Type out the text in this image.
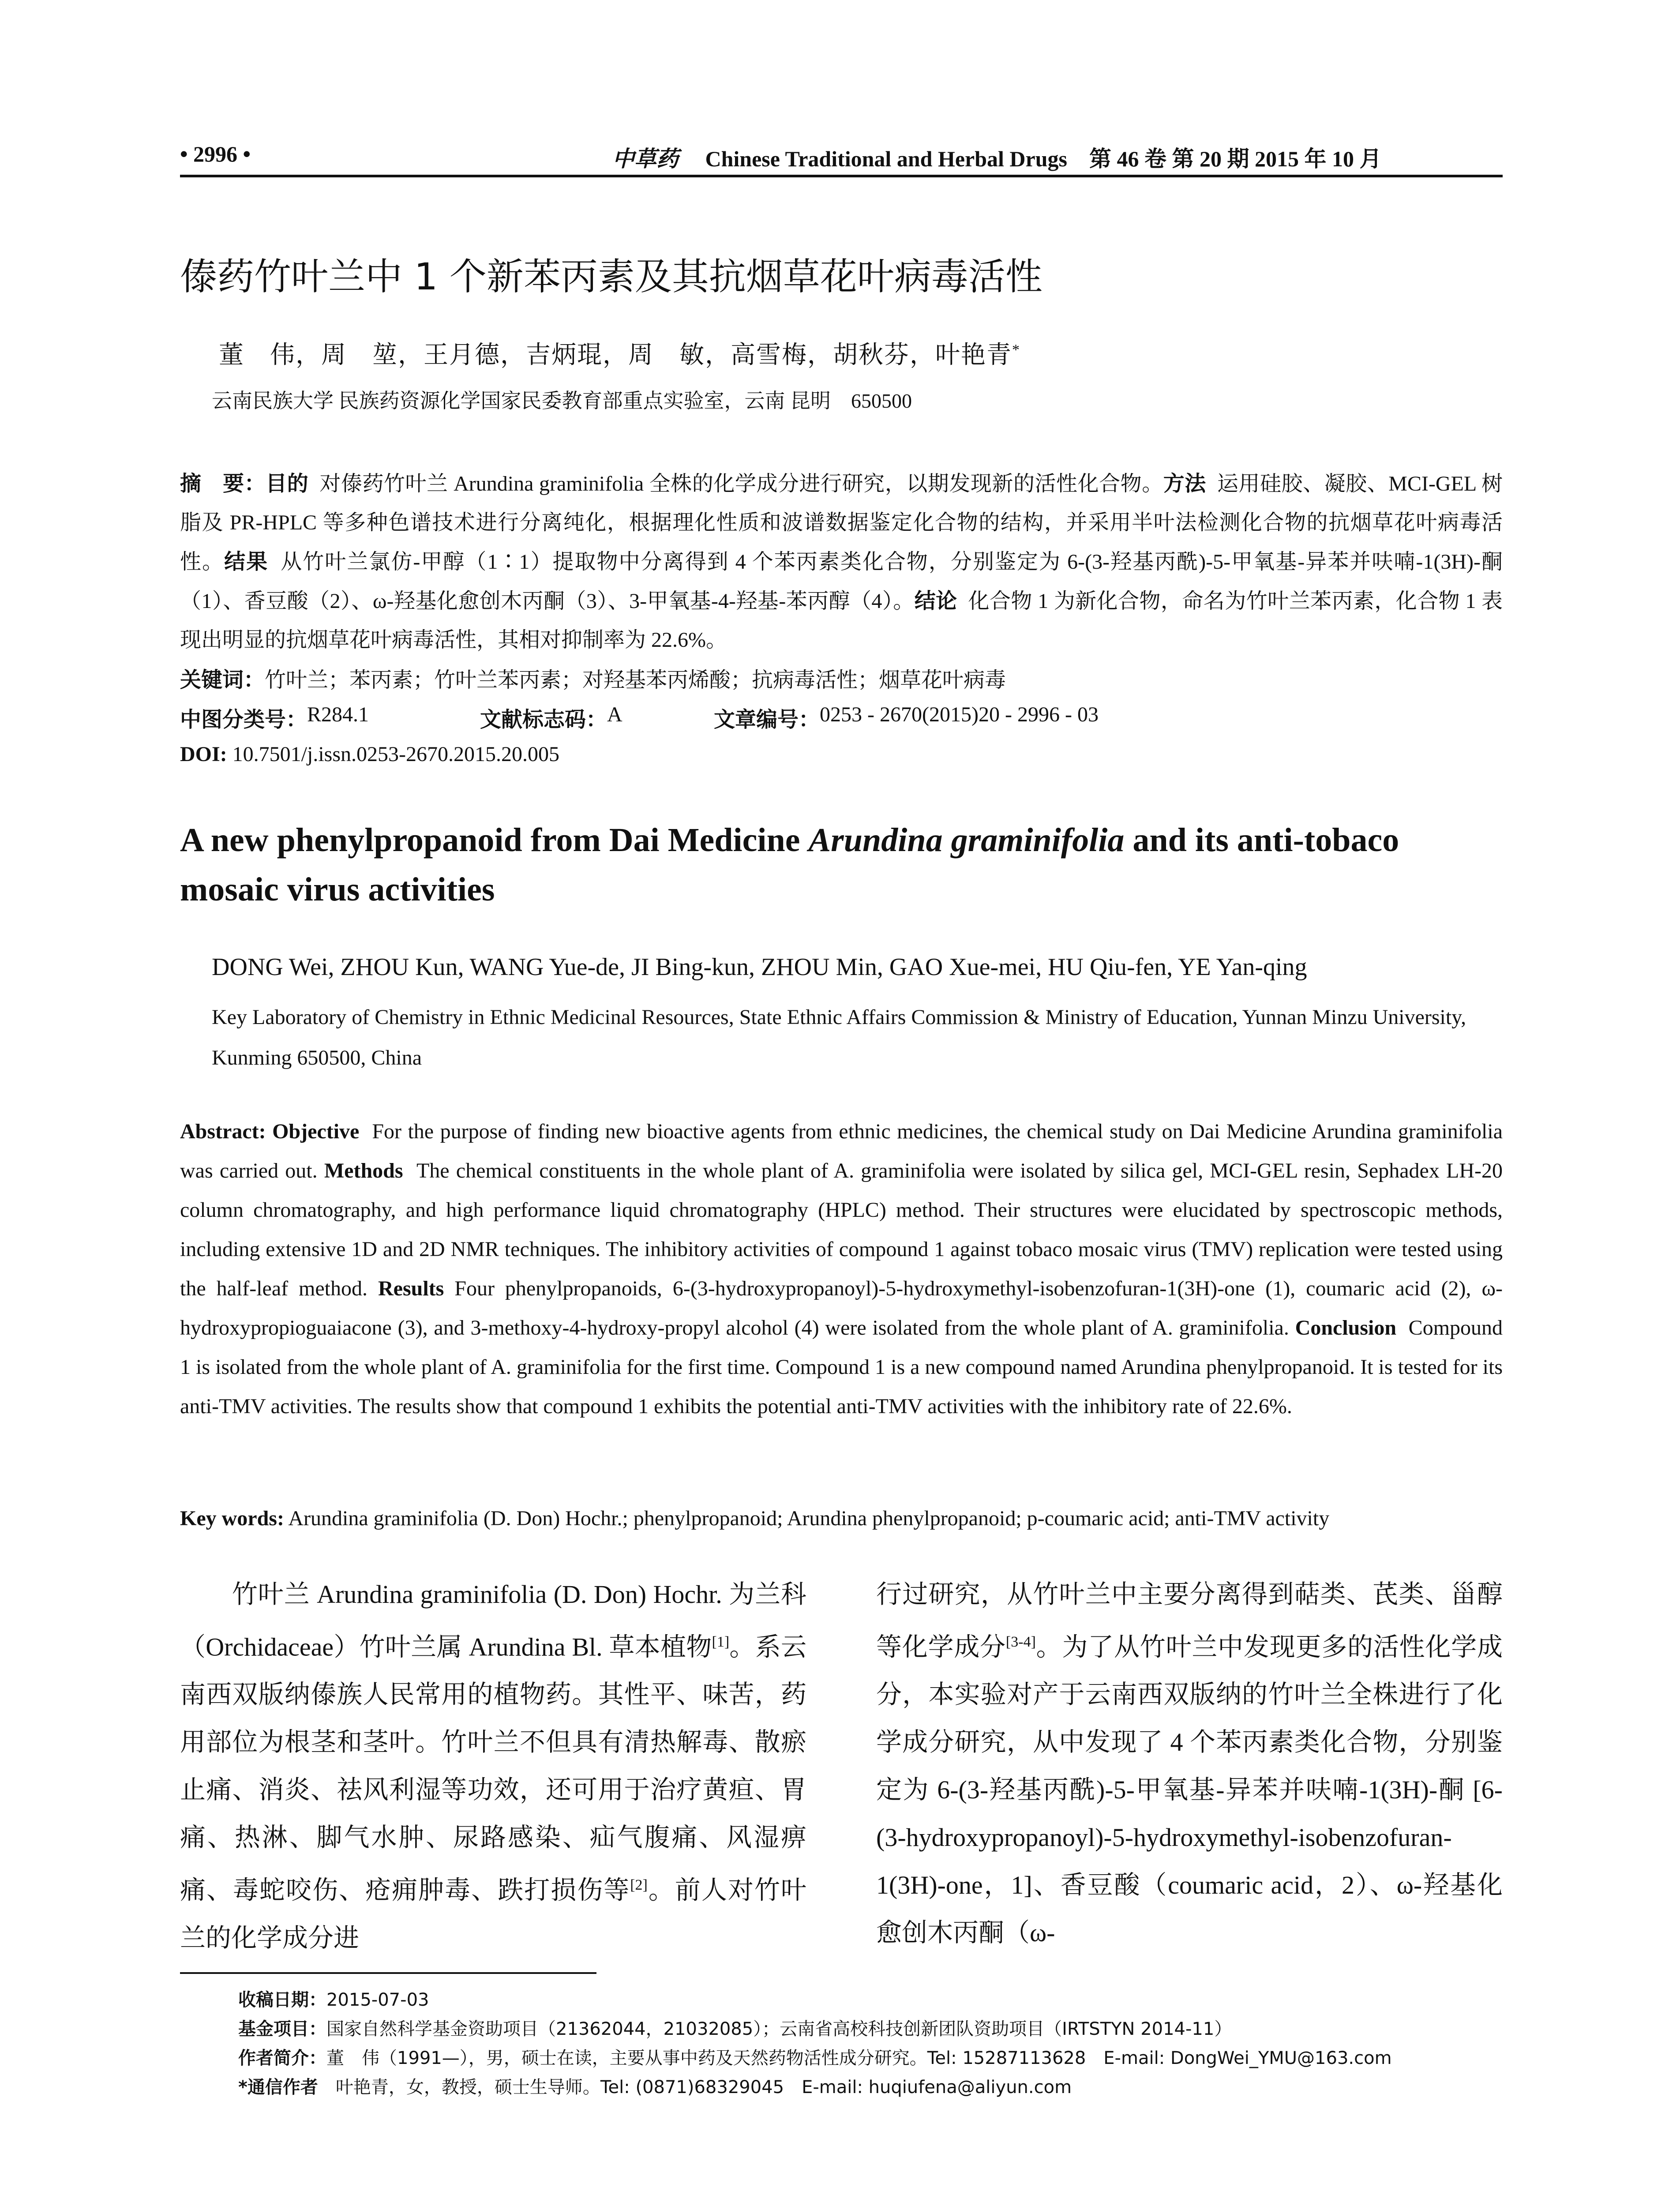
• 2996 •	中草药 Chinese Traditional and Herbal Drugs 第 46 卷 第 20 期 2015 年 10 月
傣药竹叶兰中 1 个新苯丙素及其抗烟草花叶病毒活性
董　伟，周　堃，王月德，吉炳琨，周　敏，高雪梅，胡秋芬，叶艳青*
云南民族大学 民族药资源化学国家民委教育部重点实验室，云南 昆明　650500
摘　要：目的 对傣药竹叶兰 Arundina graminifolia 全株的化学成分进行研究，以期发现新的活性化合物。方法 运用硅胶、凝胶、MCI-GEL 树脂及 PR-HPLC 等多种色谱技术进行分离纯化，根据理化性质和波谱数据鉴定化合物的结构，并采用半叶法检测化合物的抗烟草花叶病毒活性。结果 从竹叶兰氯仿-甲醇（1∶1）提取物中分离得到 4 个苯丙素类化合物，分别鉴定为 6-(3-羟基丙酰)-5-甲氧基-异苯并呋喃-1(3H)-酮（1）、香豆酸（2）、ω-羟基化愈创木丙酮（3）、3-甲氧基-4-羟基-苯丙醇（4）。结论 化合物 1 为新化合物，命名为竹叶兰苯丙素，化合物 1 表现出明显的抗烟草花叶病毒活性，其相对抑制率为 22.6%。
关键词：竹叶兰；苯丙素；竹叶兰苯丙素；对羟基苯丙烯酸；抗病毒活性；烟草花叶病毒
中图分类号： R284.1	文献标志码： A	文章编号： 0253 - 2670(2015)20 - 2996 - 03
DOI: 10.7501/j.issn.0253-2670.2015.20.005
A new phenylpropanoid from Dai Medicine Arundina graminifolia and its anti-tobaco mosaic virus activities
DONG Wei, ZHOU Kun, WANG Yue-de, JI Bing-kun, ZHOU Min, GAO Xue-mei, HU Qiu-fen, YE Yan-qing
Key Laboratory of Chemistry in Ethnic Medicinal Resources, State Ethnic Affairs Commission & Ministry of Education, Yunnan Minzu University, Kunming 650500, China
Abstract: Objective For the purpose of finding new bioactive agents from ethnic medicines, the chemical study on Dai Medicine Arundina graminifolia was carried out. Methods The chemical constituents in the whole plant of A. graminifolia were isolated by silica gel, MCI-GEL resin, Sephadex LH-20 column chromatography, and high performance liquid chromatography (HPLC) method. Their structures were elucidated by spectroscopic methods, including extensive 1D and 2D NMR techniques. The inhibitory activities of compound 1 against tobaco mosaic virus (TMV) replication were tested using the half-leaf method. Results Four phenylpropanoids, 6-(3-hydroxypropanoyl)-5-hydroxymethyl-isobenzofuran-1(3H)-one (1), coumaric acid (2), ω-hydroxypropioguaiacone (3), and 3-methoxy-4-hydroxy-propyl alcohol (4) were isolated from the whole plant of A. graminifolia. Conclusion Compound 1 is isolated from the whole plant of A. graminifolia for the first time. Compound 1 is a new compound named Arundina phenylpropanoid. It is tested for its anti-TMV activities. The results show that compound 1 exhibits the potential anti-TMV activities with the inhibitory rate of 22.6%.
Key words: Arundina graminifolia (D. Don) Hochr.; phenylpropanoid; Arundina phenylpropanoid; p-coumaric acid; anti-TMV activity
　　竹叶兰 Arundina graminifolia (D. Don) Hochr. 为兰科（Orchidaceae）竹叶兰属 Arundina Bl. 草本植物[1]。系云南西双版纳傣族人民常用的植物药。其性平、味苦，药用部位为根茎和茎叶。竹叶兰不但具有清热解毒、散瘀止痛、消炎、祛风利湿等功效，还可用于治疗黄疸、胃痛、热淋、脚气水肿、尿路感染、疝气腹痛、风湿痹痛、毒蛇咬伤、疮痈肿毒、跌打损伤等[2]。前人对竹叶兰的化学成分进
行过研究，从竹叶兰中主要分离得到萜类、芪类、甾醇等化学成分[3-4]。为了从竹叶兰中发现更多的活性化学成分，本实验对产于云南西双版纳的竹叶兰全株进行了化学成分研究，从中发现了 4 个苯丙素类化合物，分别鉴定为 6-(3-羟基丙酰)-5-甲氧基-异苯并呋喃-1(3H)-酮 [6-(3-hydroxypropanoyl)-5-hydroxymethyl-isobenzofuran-1(3H)-one，1]、香豆酸（coumaric acid，2）、ω-羟基化愈创木丙酮（ω-
收稿日期：2015-07-03
基金项目：国家自然科学基金资助项目（21362044，21032085）；云南省高校科技创新团队资助项目（IRTSTYN 2014-11）
作者简介：董　伟（1991—），男，硕士在读，主要从事中药及天然药物活性成分研究。Tel: 15287113628　E-mail: DongWei_YMU@163.com
*通信作者　叶艳青，女，教授，硕士生导师。Tel: (0871)68329045　E-mail: huqiufena@aliyun.com
